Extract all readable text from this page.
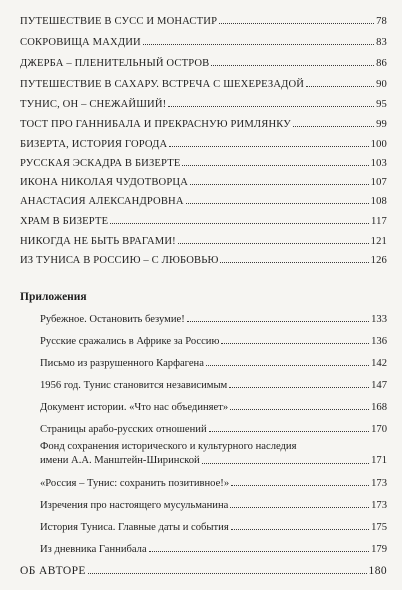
ПУТЕШЕСТВИЕ В СУСС И МОНАСТИР	78
СОКРОВИЩА МАХДИИ	83
ДЖЕРБА – ПЛЕНИТЕЛЬНЫЙ ОСТРОВ	86
ПУТЕШЕСТВИЕ В САХАРУ. ВСТРЕЧА С ШЕХЕРЕЗАДОЙ	90
ТУНИС, ОН – СНЕЖАЙШИЙ!	95
ТОСТ ПРО ГАННИБАЛА И ПРЕКРАСНУЮ РИМЛЯНКУ	99
БИЗЕРТА, ИСТОРИЯ ГОРОДА	100
РУССКАЯ ЭСКАДРА В БИЗЕРТЕ	103
ИКОНА НИКОЛАЯ ЧУДОТВОРЦА	107
АНАСТАСИЯ АЛЕКСАНДРОВНА	108
ХРАМ В БИЗЕРТЕ	117
НИКОГДА НЕ БЫТЬ ВРАГАМИ!	121
ИЗ ТУНИСА В РОССИЮ – С ЛЮБОВЬЮ	126
Приложения
Рубежное. Остановить безумие!	133
Русские сражались в Африке за Россию	136
Письмо из разрушенного Карфагена	142
1956 год. Тунис становится независимым	147
Документ истории. «Что нас объединяет»	168
Страницы арабо-русских отношений	170
Фонд сохранения исторического и культурного наследия
имени А.А. Манштейн-Ширинской	171
«Россия – Тунис: сохранить позитивное!»	173
Изречения про настоящего мусульманина	173
История Туниса. Главные даты и события	175
Из дневника Ганнибала	179
ОБ АВТОРЕ	180
